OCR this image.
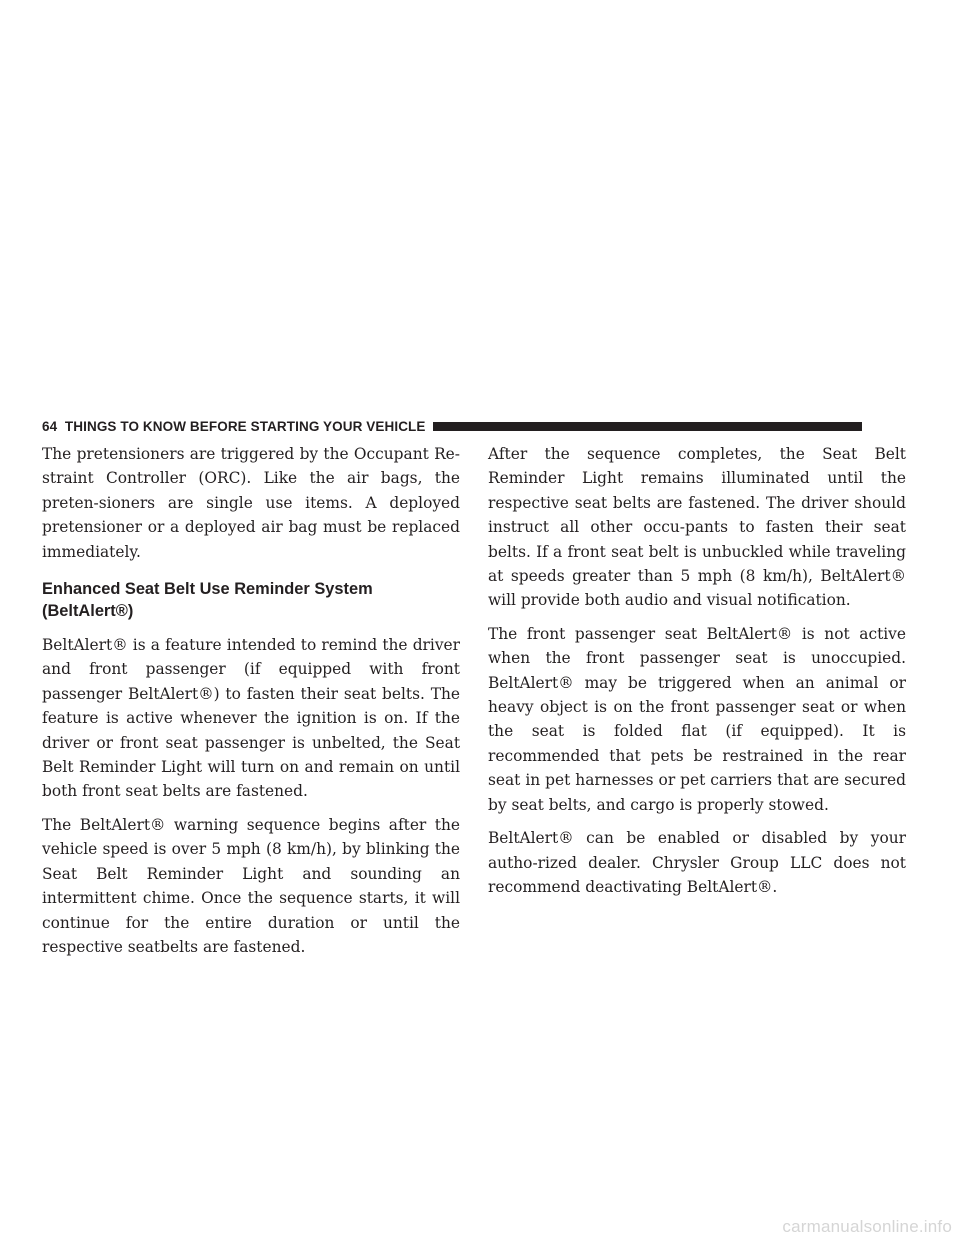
64 THINGS TO KNOW BEFORE STARTING YOUR VEHICLE

The pretensioners are triggered by the Occupant Re-straint Controller (ORC). Like the air bags, the preten-sioners are single use items. A deployed pretensioner or a deployed air bag must be replaced immediately.

Enhanced Seat Belt Use Reminder System (BeltAlert®)

BeltAlert® is a feature intended to remind the driver and front passenger (if equipped with front passenger BeltAlert®) to fasten their seat belts. The feature is active whenever the ignition is on. If the driver or front seat passenger is unbelted, the Seat Belt Reminder Light will turn on and remain on until both front seat belts are fastened.

The BeltAlert® warning sequence begins after the vehicle speed is over 5 mph (8 km/h), by blinking the Seat Belt Reminder Light and sounding an intermittent chime. Once the sequence starts, it will continue for the entire duration or until the respective seatbelts are fastened.

After the sequence completes, the Seat Belt Reminder Light remains illuminated until the respective seat belts are fastened. The driver should instruct all other occu-pants to fasten their seat belts. If a front seat belt is unbuckled while traveling at speeds greater than 5 mph (8 km/h), BeltAlert® will provide both audio and visual notification.

The front passenger seat BeltAlert® is not active when the front passenger seat is unoccupied. BeltAlert® may be triggered when an animal or heavy object is on the front passenger seat or when the seat is folded flat (if equipped). It is recommended that pets be restrained in the rear seat in pet harnesses or pet carriers that are secured by seat belts, and cargo is properly stowed.

BeltAlert® can be enabled or disabled by your autho-rized dealer. Chrysler Group LLC does not recommend deactivating BeltAlert®.

carmanualsonline.info
